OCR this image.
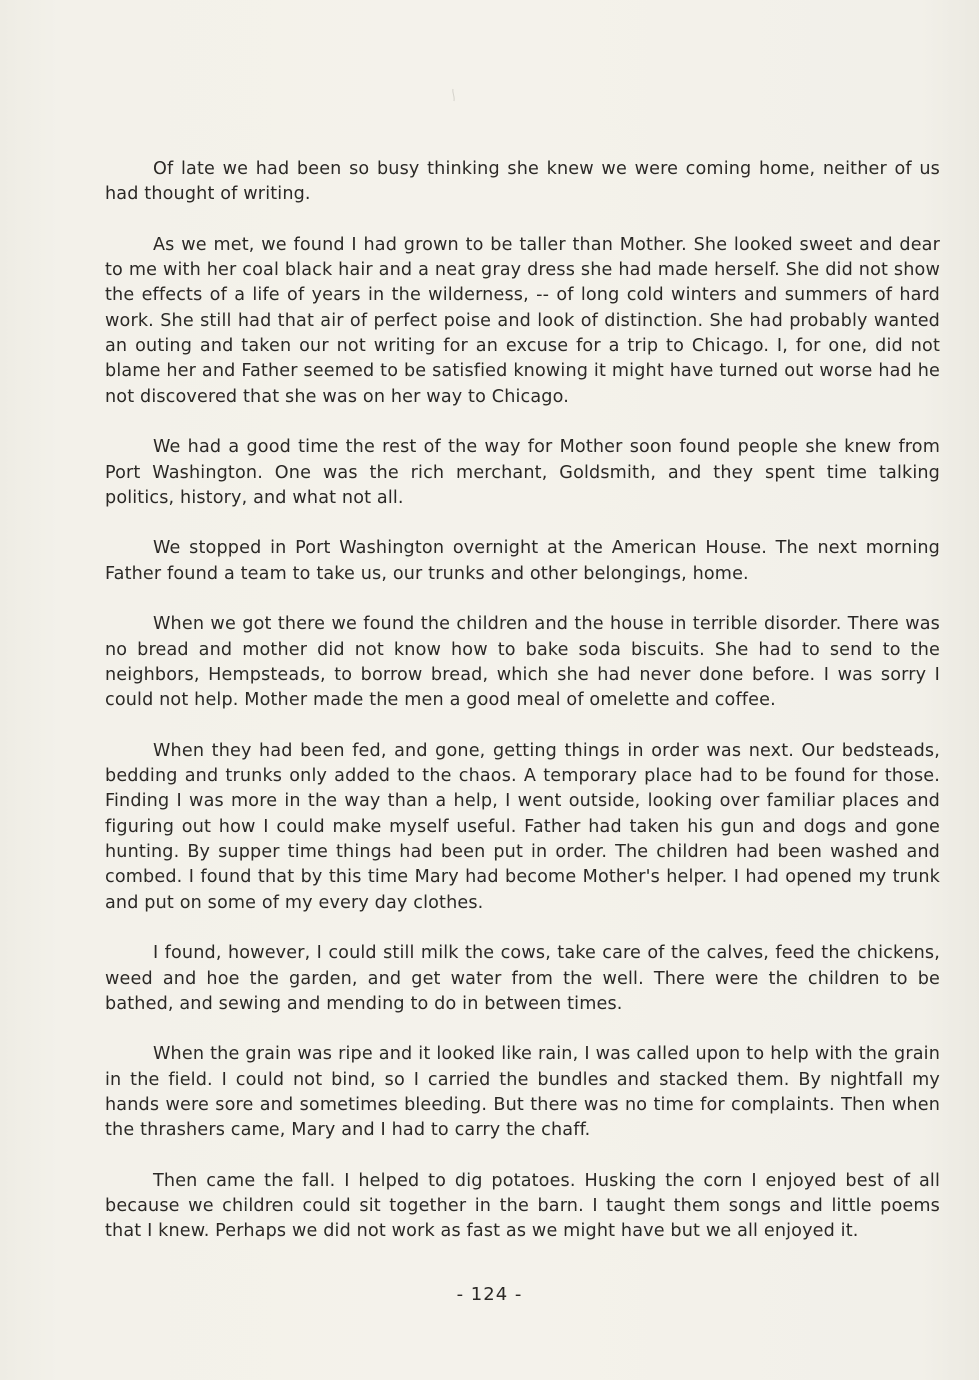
Of late we had been so busy thinking she knew we were coming home, neither of us had thought of writing.

As we met, we found I had grown to be taller than Mother. She looked sweet and dear to me with her coal black hair and a neat gray dress she had made herself. She did not show the effects of a life of years in the wilderness, -- of long cold winters and summers of hard work. She still had that air of perfect poise and look of distinction. She had probably wanted an outing and taken our not writing for an excuse for a trip to Chicago. I, for one, did not blame her and Father seemed to be satisfied knowing it might have turned out worse had he not discovered that she was on her way to Chicago.

We had a good time the rest of the way for Mother soon found people she knew from Port Washington. One was the rich merchant, Goldsmith, and they spent time talking politics, history, and what not all.

We stopped in Port Washington overnight at the American House. The next morning Father found a team to take us, our trunks and other belongings, home.

When we got there we found the children and the house in terrible disorder. There was no bread and mother did not know how to bake soda biscuits. She had to send to the neighbors, Hempsteads, to borrow bread, which she had never done before. I was sorry I could not help. Mother made the men a good meal of omelette and coffee.

When they had been fed, and gone, getting things in order was next. Our bedsteads, bedding and trunks only added to the chaos. A temporary place had to be found for those. Finding I was more in the way than a help, I went outside, looking over familiar places and figuring out how I could make myself useful. Father had taken his gun and dogs and gone hunting. By supper time things had been put in order. The children had been washed and combed. I found that by this time Mary had become Mother's helper. I had opened my trunk and put on some of my every day clothes.

I found, however, I could still milk the cows, take care of the calves, feed the chickens, weed and hoe the garden, and get water from the well. There were the children to be bathed, and sewing and mending to do in between times.

When the grain was ripe and it looked like rain, I was called upon to help with the grain in the field. I could not bind, so I carried the bundles and stacked them. By nightfall my hands were sore and sometimes bleeding. But there was no time for complaints. Then when the thrashers came, Mary and I had to carry the chaff.

Then came the fall. I helped to dig potatoes. Husking the corn I enjoyed best of all because we children could sit together in the barn. I taught them songs and little poems that I knew. Perhaps we did not work as fast as we might have but we all enjoyed it.

- 124 -
